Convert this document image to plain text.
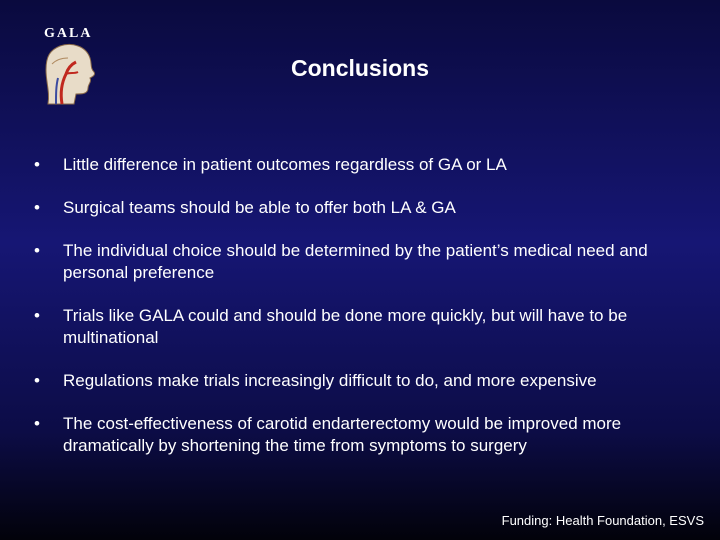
GALA
Conclusions
• Little difference in patient outcomes regardless of GA or LA
• Surgical teams should be able to offer both LA & GA
• The individual choice should be determined by the patient’s medical need and personal preference
• Trials like GALA could and should be done more quickly, but will have to be multinational
• Regulations make trials increasingly difficult to do, and more expensive
• The cost-effectiveness of carotid endarterectomy would be improved more dramatically by shortening the time from symptoms to surgery
Funding: Health Foundation, ESVS
